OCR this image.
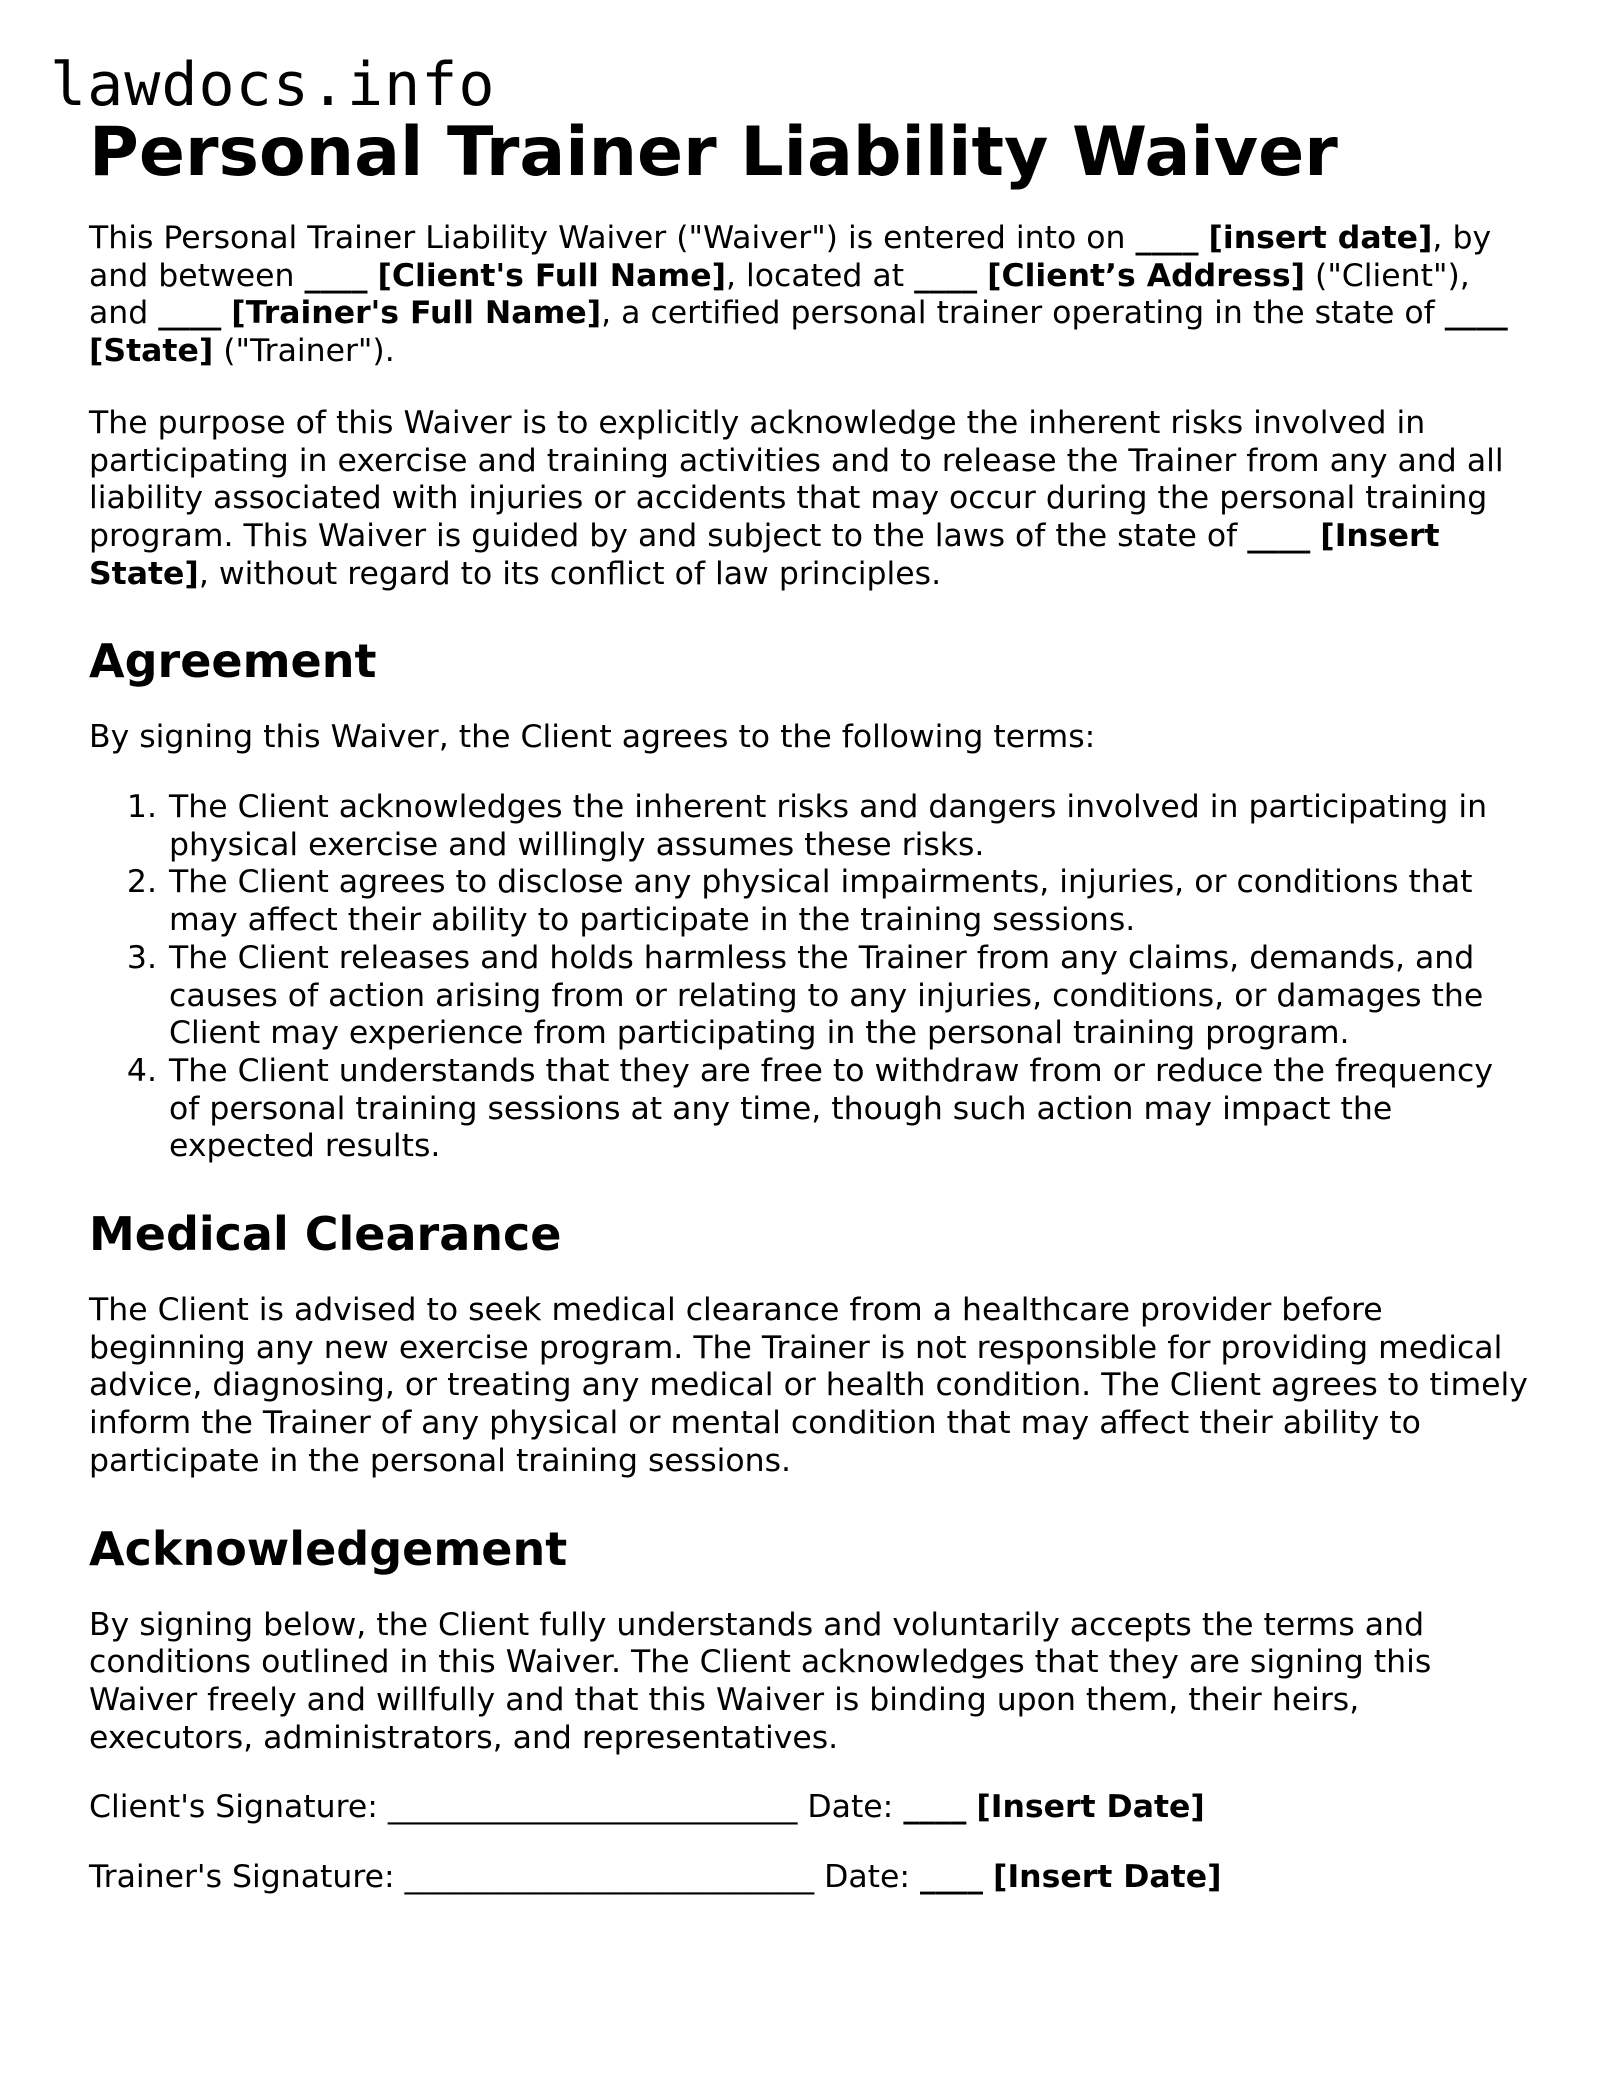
lawdocs.info
Personal Trainer Liability Waiver

This Personal Trainer Liability Waiver ("Waiver") is entered into on ____ [insert date], by and between ____ [Client's Full Name], located at ____ [Client’s Address] ("Client"), and ____ [Trainer's Full Name], a certified personal trainer operating in the state of ____ [State] ("Trainer").

The purpose of this Waiver is to explicitly acknowledge the inherent risks involved in participating in exercise and training activities and to release the Trainer from any and all liability associated with injuries or accidents that may occur during the personal training program. This Waiver is guided by and subject to the laws of the state of ____ [Insert State], without regard to its conflict of law principles.

Agreement

By signing this Waiver, the Client agrees to the following terms:

1. The Client acknowledges the inherent risks and dangers involved in participating in physical exercise and willingly assumes these risks.
2. The Client agrees to disclose any physical impairments, injuries, or conditions that may affect their ability to participate in the training sessions.
3. The Client releases and holds harmless the Trainer from any claims, demands, and causes of action arising from or relating to any injuries, conditions, or damages the Client may experience from participating in the personal training program.
4. The Client understands that they are free to withdraw from or reduce the frequency of personal training sessions at any time, though such action may impact the expected results.
Medical Clearance

The Client is advised to seek medical clearance from a healthcare provider before beginning any new exercise program. The Trainer is not responsible for providing medical advice, diagnosing, or treating any medical or health condition. The Client agrees to timely inform the Trainer of any physical or mental condition that may affect their ability to participate in the personal training sessions.

Acknowledgement

By signing below, the Client fully understands and voluntarily accepts the terms and conditions outlined in this Waiver. The Client acknowledges that they are signing this Waiver freely and willfully and that this Waiver is binding upon them, their heirs, executors, administrators, and representatives.

Client's Signature: __________________________ Date: ____ [Insert Date]

Trainer's Signature: __________________________ Date: ____ [Insert Date]
